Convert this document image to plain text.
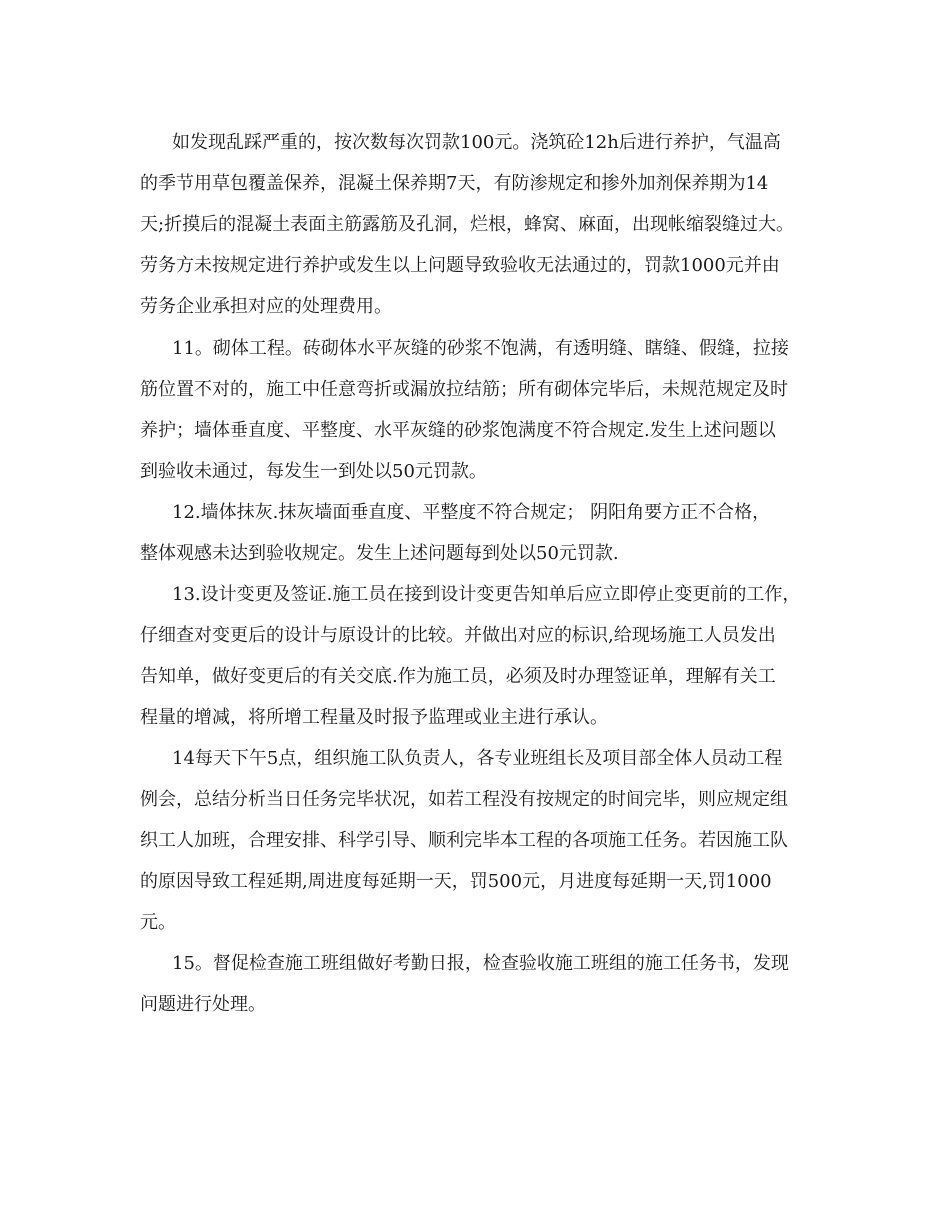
如发现乱踩严重的，按次数每次罚款100元。浇筑砼12h后进行养护，气温高
的季节用草包覆盖保养，混凝土保养期7天，有防渗规定和掺外加剂保养期为14
天;折摸后的混凝土表面主筋露筋及孔洞，烂根，蜂窝、麻面，出现帐缩裂缝过大。
劳务方未按规定进行养护或发生以上问题导致验收无法通过的，罚款1000元并由
劳务企业承担对应的处理费用。
11。砌体工程。砖砌体水平灰缝的砂浆不饱满，有透明缝、瞎缝、假缝，拉接
筋位置不对的，施工中任意弯折或漏放拉结筋；所有砌体完毕后，未规范规定及时
养护；墙体垂直度、平整度、水平灰缝的砂浆饱满度不符合规定.发生上述问题以
到验收未通过，每发生一到处以50元罚款。
12.墙体抹灰.抹灰墙面垂直度、平整度不符合规定； 阴阳角要方正不合格，
整体观感未达到验收规定。发生上述问题每到处以50元罚款.
13.设计变更及签证.施工员在接到设计变更告知单后应立即停止变更前的工作，
仔细查对变更后的设计与原设计的比较。并做出对应的标识,给现场施工人员发出
告知单，做好变更后的有关交底.作为施工员，必须及时办理签证单，理解有关工
程量的增减，将所增工程量及时报予监理或业主进行承认。
14每天下午5点，组织施工队负责人，各专业班组长及项目部全体人员动工程
例会，总结分析当日任务完毕状况，如若工程没有按规定的时间完毕，则应规定组
织工人加班，合理安排、科学引导、顺利完毕本工程的各项施工任务。若因施工队
的原因导致工程延期,周进度每延期一天，罚500元，月进度每延期一天,罚1000
元。
15。督促检查施工班组做好考勤日报，检查验收施工班组的施工任务书，发现
问题进行处理。
